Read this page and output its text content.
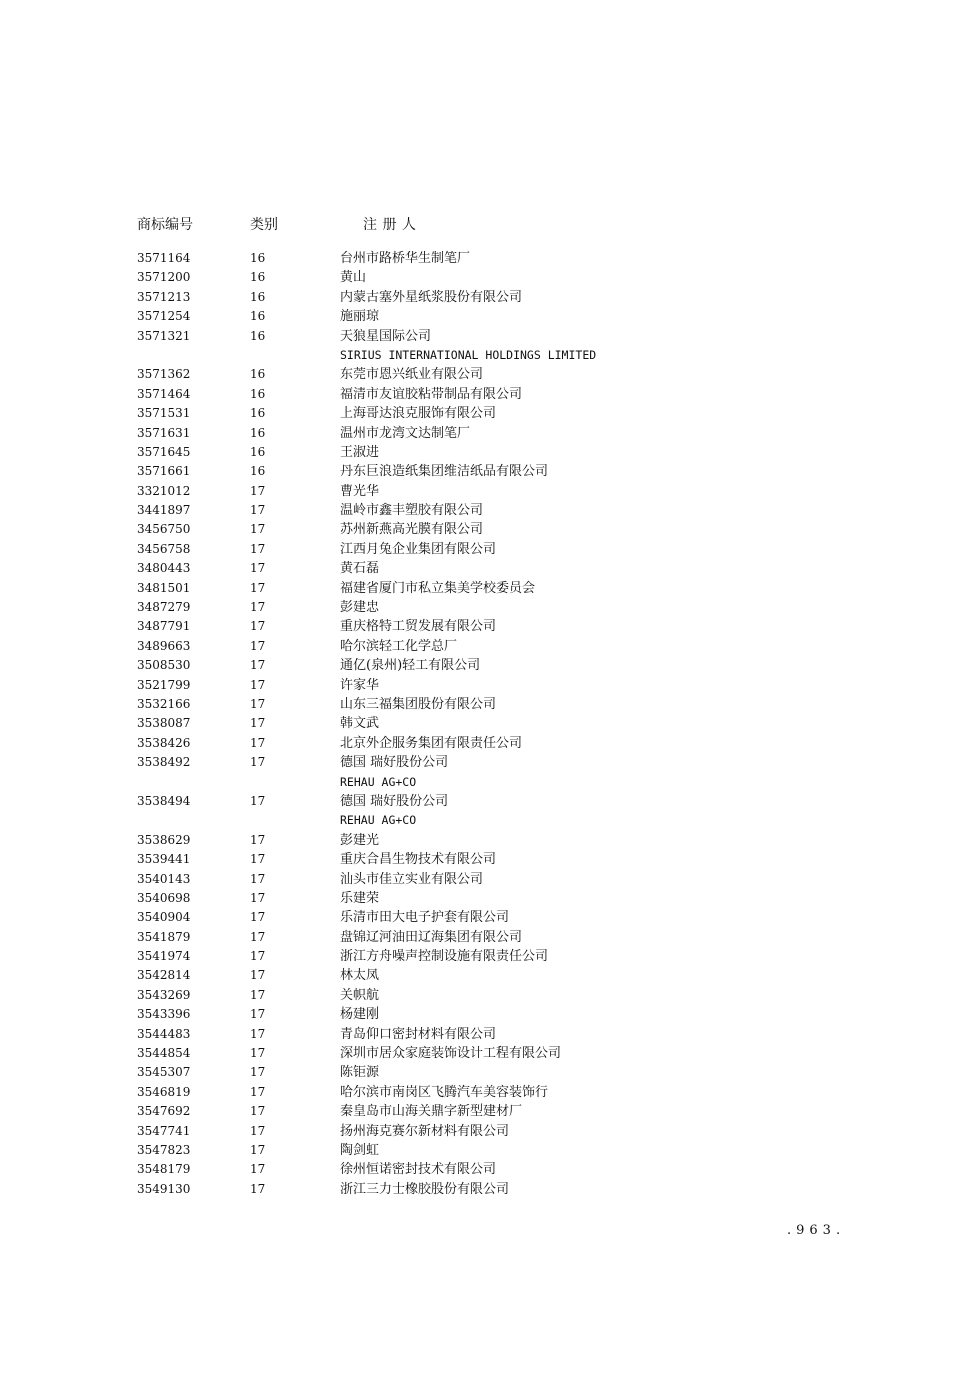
商标编号	类别	注 册 人
3571164	16	台州市路桥华生制笔厂
3571200	16	黄山
3571213	16	内蒙古塞外星纸浆股份有限公司
3571254	16	施丽琼
3571321	16	天狼星国际公司
SIRIUS INTERNATIONAL HOLDINGS LIMITED
3571362	16	东莞市恩兴纸业有限公司
3571464	16	福清市友谊胶粘带制品有限公司
3571531	16	上海哥达浪克服饰有限公司
3571631	16	温州市龙湾文达制笔厂
3571645	16	王淑进
3571661	16	丹东巨浪造纸集团维洁纸品有限公司
3321012	17	曹光华
3441897	17	温岭市鑫丰塑胶有限公司
3456750	17	苏州新燕高光膜有限公司
3456758	17	江西月兔企业集团有限公司
3480443	17	黄石磊
3481501	17	福建省厦门市私立集美学校委员会
3487279	17	彭建忠
3487791	17	重庆格特工贸发展有限公司
3489663	17	哈尔滨轻工化学总厂
3508530	17	通亿(泉州)轻工有限公司
3521799	17	许家华
3532166	17	山东三福集团股份有限公司
3538087	17	韩文武
3538426	17	北京外企服务集团有限责任公司
3538492	17	德国 瑞好股份公司
REHAU AG+CO
3538494	17	德国 瑞好股份公司
REHAU AG+CO
3538629	17	彭建光
3539441	17	重庆合昌生物技术有限公司
3540143	17	汕头市佳立实业有限公司
3540698	17	乐建荣
3540904	17	乐清市田大电子护套有限公司
3541879	17	盘锦辽河油田辽海集团有限公司
3541974	17	浙江方舟噪声控制设施有限责任公司
3542814	17	林太凤
3543269	17	关帜航
3543396	17	杨建刚
3544483	17	青岛仰口密封材料有限公司
3544854	17	深圳市居众家庭装饰设计工程有限公司
3545307	17	陈钜源
3546819	17	哈尔滨市南岗区飞腾汽车美容装饰行
3547692	17	秦皇岛市山海关鼎字新型建材厂
3547741	17	扬州海克赛尔新材料有限公司
3547823	17	陶剑虹
3548179	17	徐州恒诺密封技术有限公司
3549130	17	浙江三力士橡胶股份有限公司
.963.
